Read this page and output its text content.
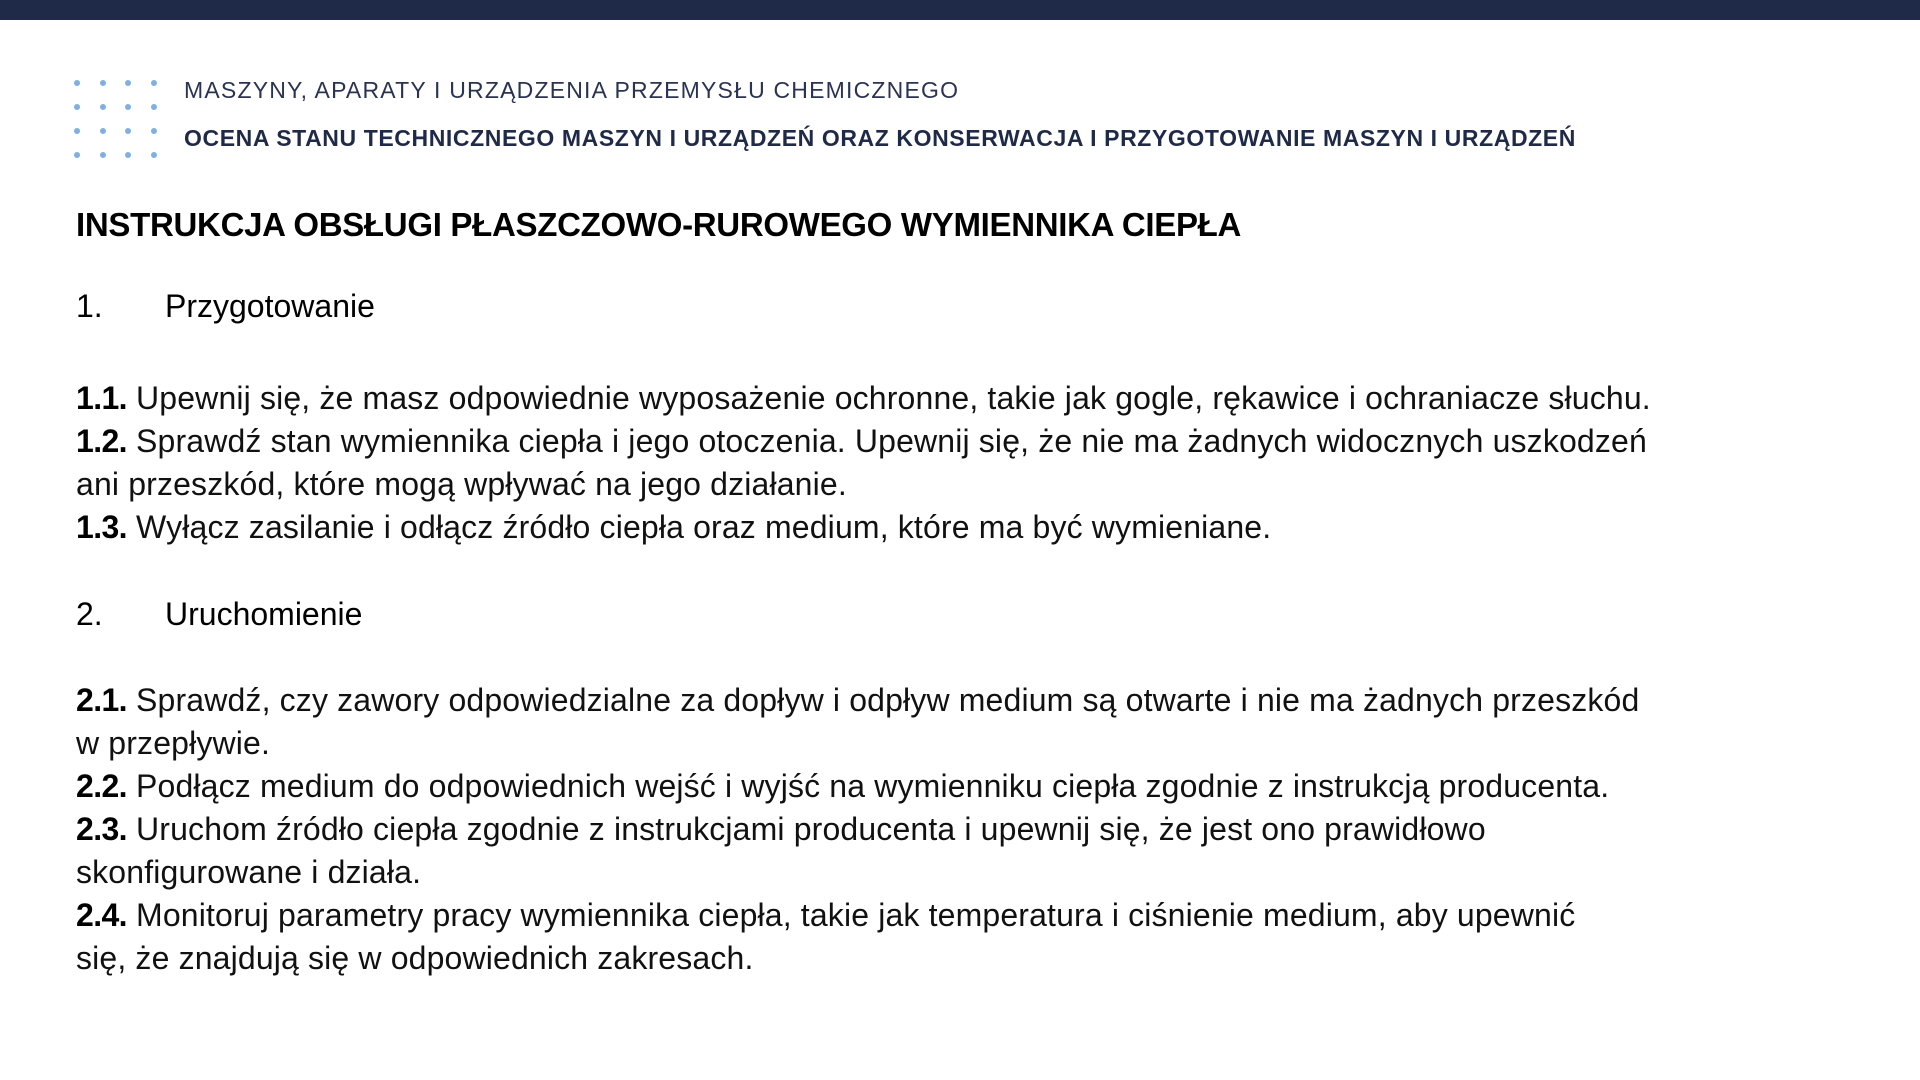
MASZYNY, APARATY I URZĄDZENIA PRZEMYSŁU CHEMICZNEGO
OCENA STANU TECHNICZNEGO MASZYN I URZĄDZEŃ ORAZ KONSERWACJA I PRZYGOTOWANIE MASZYN I URZĄDZEŃ
INSTRUKCJA OBSŁUGI PŁASZCZOWO-RUROWEGO WYMIENNIKA CIEPŁA
1. Przygotowanie
1.1. Upewnij się, że masz odpowiednie wyposażenie ochronne, takie jak gogle, rękawice i ochraniacze słuchu.
1.2. Sprawdź stan wymiennika ciepła i jego otoczenia. Upewnij się, że nie ma żadnych widocznych uszkodzeń
ani przeszkód, które mogą wpływać na jego działanie.
1.3. Wyłącz zasilanie i odłącz źródło ciepła oraz medium, które ma być wymieniane.
2. Uruchomienie
2.1. Sprawdź, czy zawory odpowiedzialne za dopływ i odpływ medium są otwarte i nie ma żadnych przeszkód
w przepływie.
2.2. Podłącz medium do odpowiednich wejść i wyjść na wymienniku ciepła zgodnie z instrukcją producenta.
2.3. Uruchom źródło ciepła zgodnie z instrukcjami producenta i upewnij się, że jest ono prawidłowo
skonfigurowane i działa.
2.4. Monitoruj parametry pracy wymiennika ciepła, takie jak temperatura i ciśnienie medium, aby upewnić
się, że znajdują się w odpowiednich zakresach.
